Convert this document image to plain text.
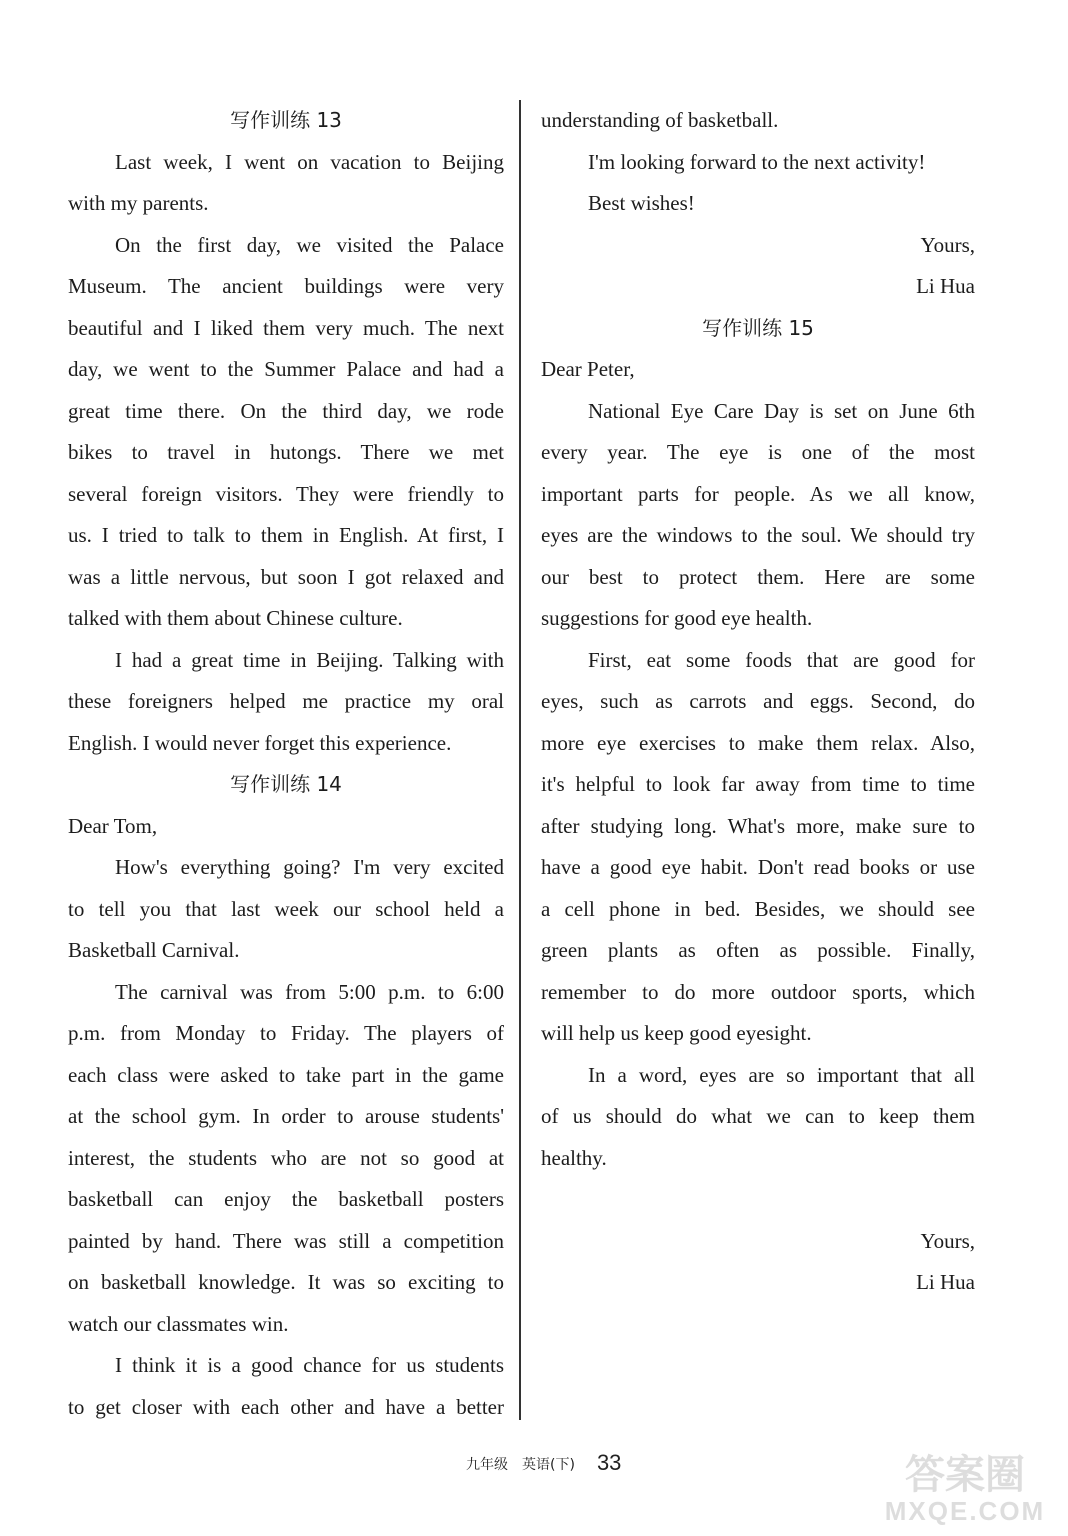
写作训练 13
Last week, I went on vacation to Beijing
with my parents.
On the first day, we visited the Palace
Museum. The ancient buildings were very
beautiful and I liked them very much. The next
day, we went to the Summer Palace and had a
great time there. On the third day, we rode
bikes to travel in hutongs. There we met
several foreign visitors. They were friendly to
us. I tried to talk to them in English. At first, I
was a little nervous, but soon I got relaxed and
talked with them about Chinese culture.
I had a great time in Beijing. Talking with
these foreigners helped me practice my oral
English. I would never forget this experience.
写作训练 14
Dear Tom,
How's everything going? I'm very excited
to tell you that last week our school held a
Basketball Carnival.
The carnival was from 5:00 p.m. to 6:00
p.m. from Monday to Friday. The players of
each class were asked to take part in the game
at the school gym. In order to arouse students'
interest, the students who are not so good at
basketball can enjoy the basketball posters
painted by hand. There was still a competition
on basketball knowledge. It was so exciting to
watch our classmates win.
I think it is a good chance for us students
to get closer with each other and have a better
understanding of basketball.
I'm looking forward to the next activity!
Best wishes!
Yours,
Li Hua
写作训练 15
Dear Peter,
National Eye Care Day is set on June 6th
every year. The eye is one of the most
important parts for people. As we all know,
eyes are the windows to the soul. We should try
our best to protect them. Here are some
suggestions for good eye health.
First, eat some foods that are good for
eyes, such as carrots and eggs. Second, do
more eye exercises to make them relax. Also,
it's helpful to look far away from time to time
after studying long. What's more, make sure to
have a good eye habit. Don't read books or use
a cell phone in bed. Besides, we should see
green plants as often as possible. Finally,
remember to do more outdoor sports, which
will help us keep good eyesight.
In a word, eyes are so important that all
of us should do what we can to keep them
healthy.
Yours,
Li Hua
九年级 英语(下) 33	答案圈
MXQE.COM
